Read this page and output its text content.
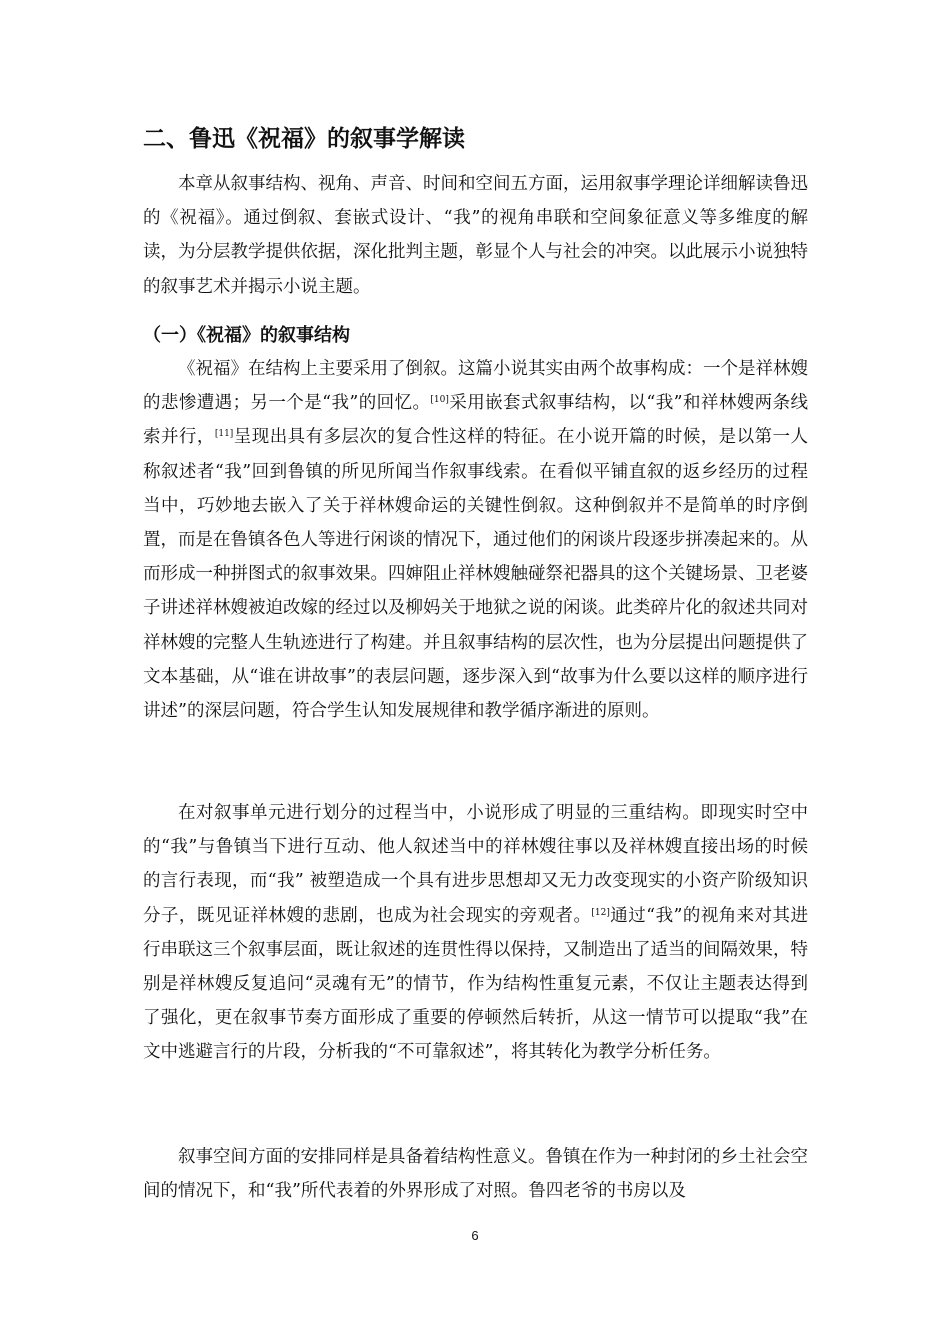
二、鲁迅《祝福》的叙事学解读

本章从叙事结构、视角、声音、时间和空间五方面，运用叙事学理论详细解读鲁迅的《祝福》。通过倒叙、套嵌式设计、“我”的视角串联和空间象征意义等多维度的解读，为分层教学提供依据，深化批判主题，彰显个人与社会的冲突。以此展示小说独特的叙事艺术并揭示小说主题。

（一）《祝福》的叙事结构

《祝福》在结构上主要采用了倒叙。这篇小说其实由两个故事构成：一个是祥林嫂的悲惨遭遇；另一个是“我”的回忆。[10]采用嵌套式叙事结构，以“我”和祥林嫂两条线索并行，[11]呈现出具有多层次的复合性这样的特征。在小说开篇的时候，是以第一人称叙述者“我”回到鲁镇的所见所闻当作叙事线索。在看似平铺直叙的返乡经历的过程当中，巧妙地去嵌入了关于祥林嫂命运的关键性倒叙。这种倒叙并不是简单的时序倒置，而是在鲁镇各色人等进行闲谈的情况下，通过他们的闲谈片段逐步拼凑起来的。从而形成一种拼图式的叙事效果。四婶阻止祥林嫂触碰祭祀器具的这个关键场景、卫老婆子讲述祥林嫂被迫改嫁的经过以及柳妈关于地狱之说的闲谈。此类碎片化的叙述共同对祥林嫂的完整人生轨迹进行了构建。并且叙事结构的层次性，也为分层提出问题提供了文本基础，从“谁在讲故事”的表层问题，逐步深入到“故事为什么要以这样的顺序进行讲述”的深层问题，符合学生认知发展规律和教学循序渐进的原则。

在对叙事单元进行划分的过程当中，小说形成了明显的三重结构。即现实时空中的“我”与鲁镇当下进行互动、他人叙述当中的祥林嫂往事以及祥林嫂直接出场的时候的言行表现，而“我” 被塑造成一个具有进步思想却又无力改变现实的小资产阶级知识分子，既见证祥林嫂的悲剧，也成为社会现实的旁观者。[12]通过“我”的视角来对其进行串联这三个叙事层面，既让叙述的连贯性得以保持，又制造出了适当的间隔效果，特别是祥林嫂反复追问“灵魂有无”的情节，作为结构性重复元素，不仅让主题表达得到了强化，更在叙事节奏方面形成了重要的停顿然后转折，从这一情节可以提取“我”在文中逃避言行的片段，分析我的“不可靠叙述”，将其转化为教学分析任务。

叙事空间方面的安排同样是具备着结构性意义。鲁镇在作为一种封闭的乡土社会空间的情况下，和“我”所代表着的外界形成了对照。鲁四老爷的书房以及

6
